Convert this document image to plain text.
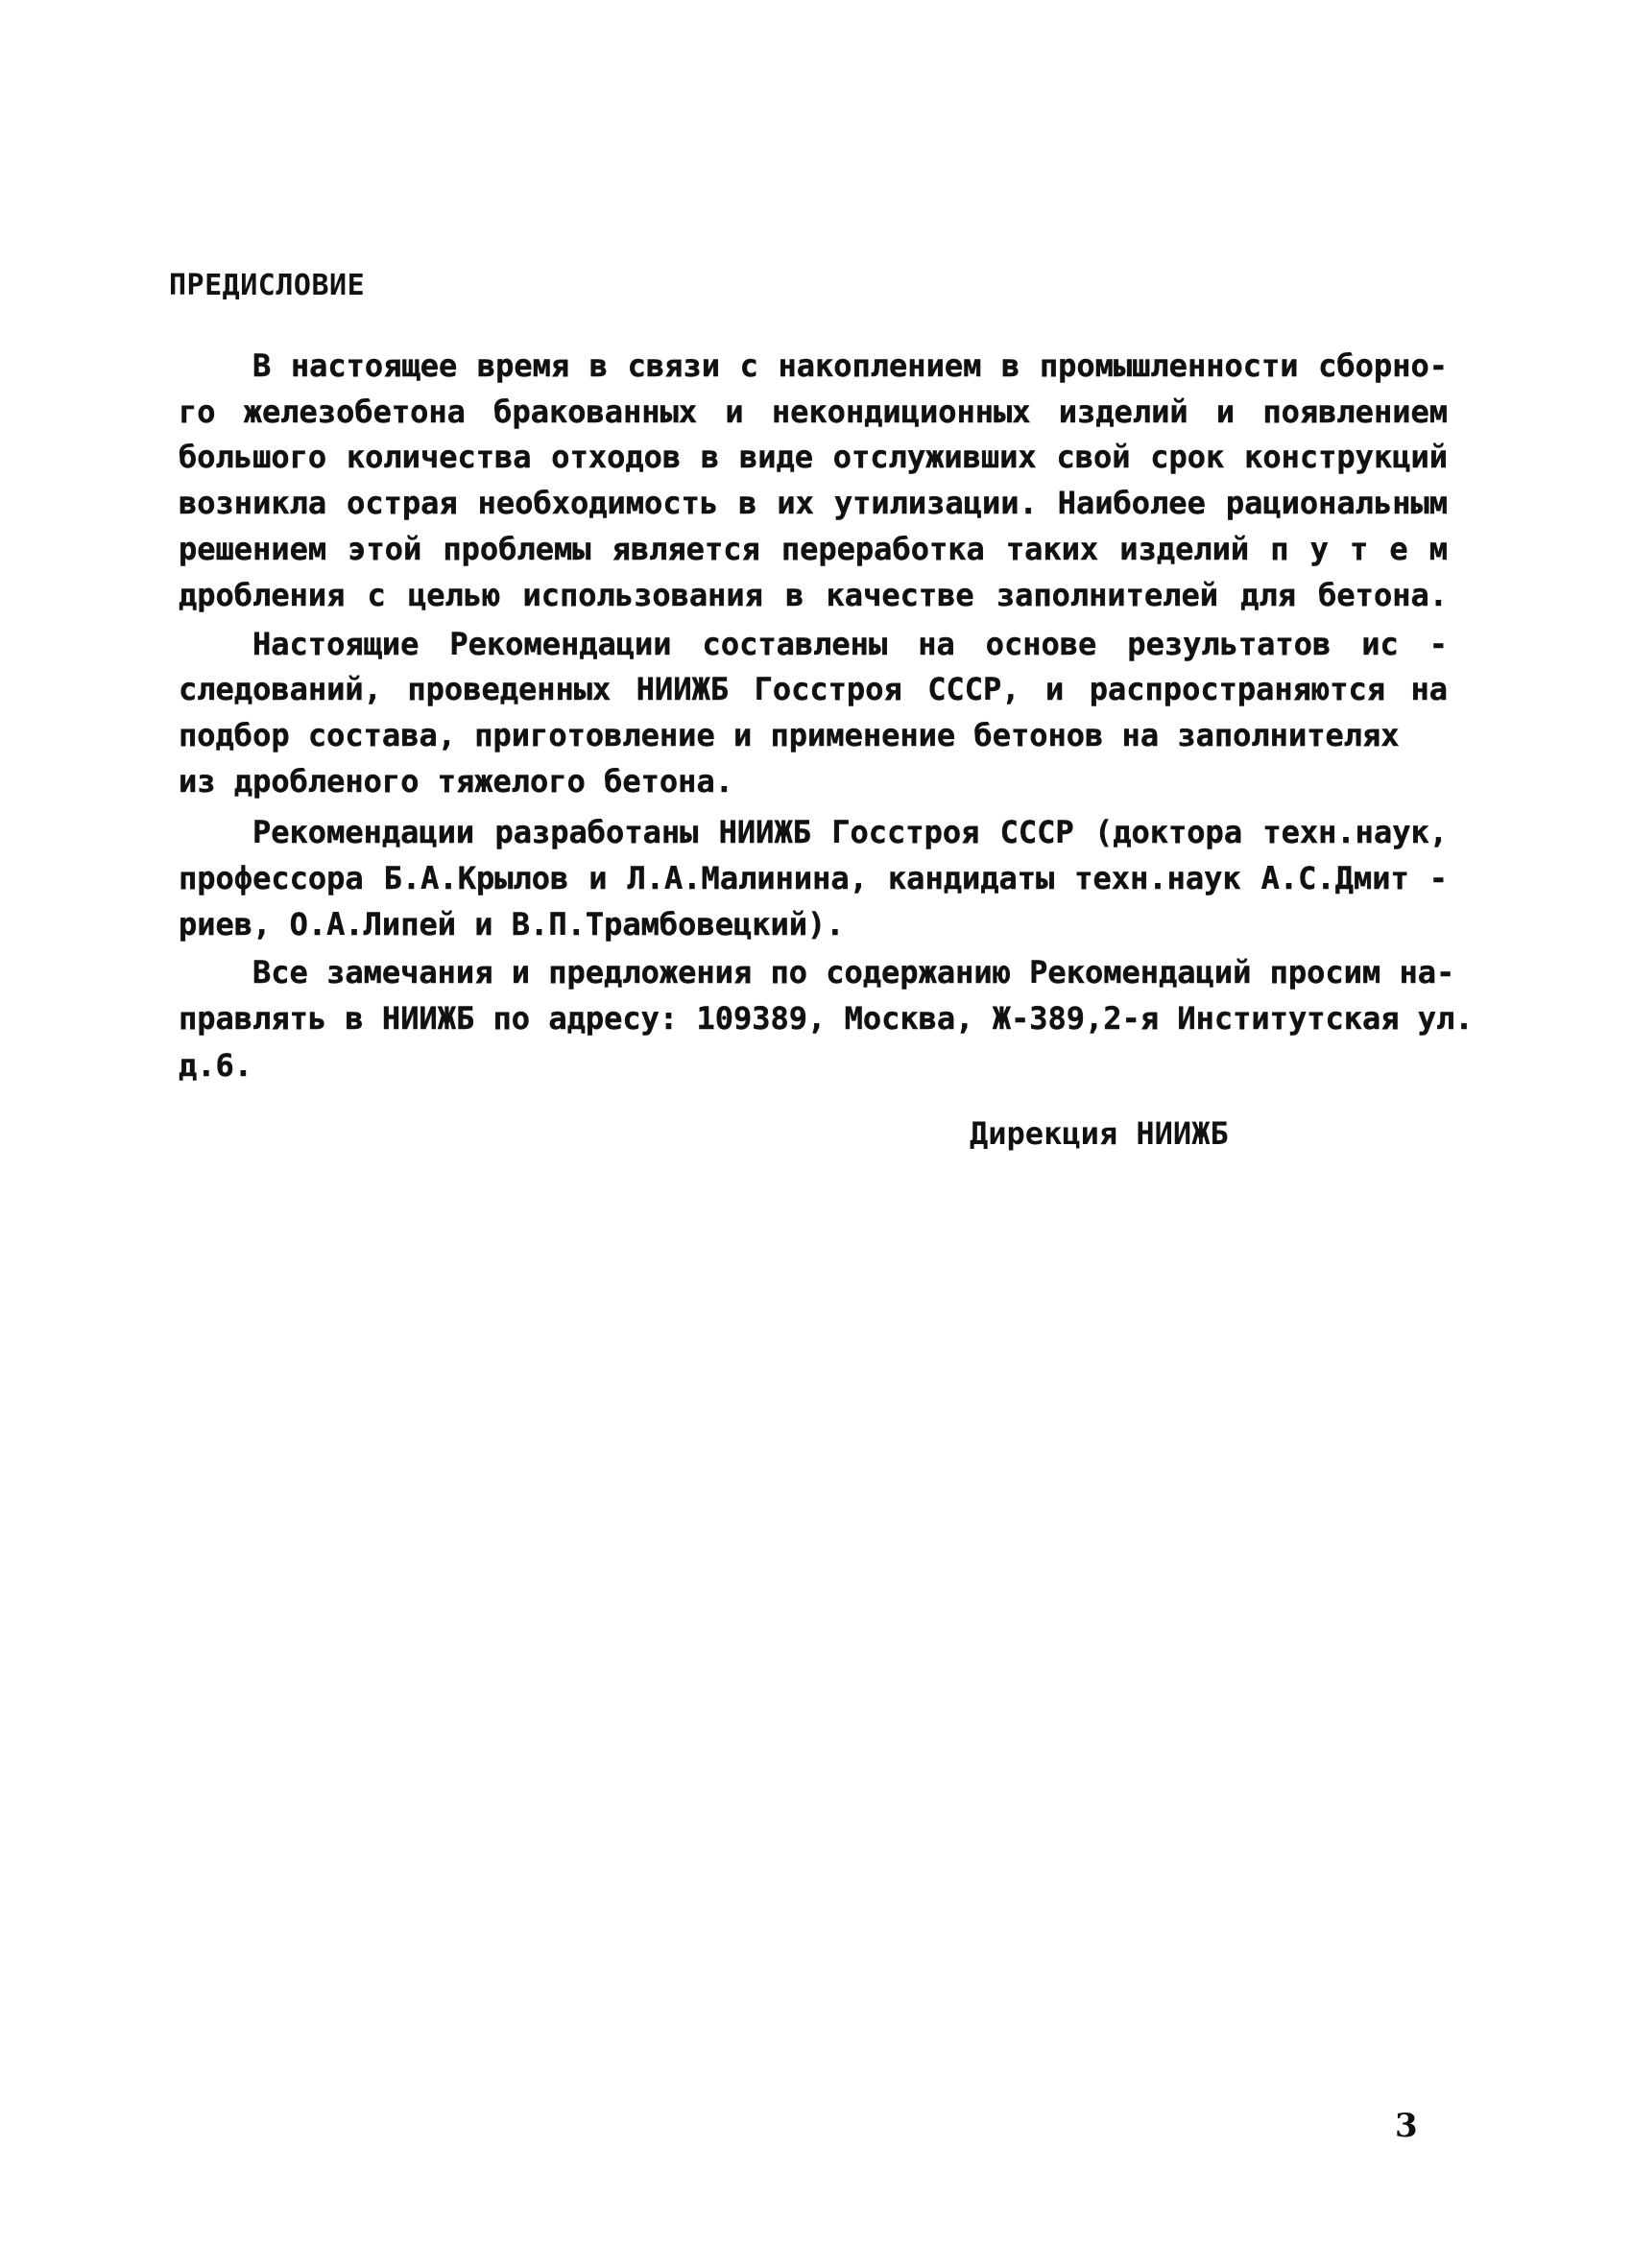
ПРЕДИСЛОВИЕ
В настоящее время в связи с накоплением в промышленности сборно-
го железобетона бракованных и некондиционных изделий и появлением
большого количества отходов в виде отслуживших свой срок конструкций
возникла острая необходимость в их утилизации. Наиболее рациональным
решением этой проблемы является переработка таких изделий п у т е м
дробления с целью использования в качестве заполнителей для бетона.
Настоящие Рекомендации составлены на основе результатов ис -
следований, проведенных НИИЖБ Госстроя СССР, и распространяются на
подбор состава, приготовление и применение бетонов на заполнителях
из дробленого тяжелого бетона.
Рекомендации разработаны НИИЖБ Госстроя СССР (доктора техн.наук,
профессора Б.А.Крылов и Л.А.Малинина, кандидаты техн.наук А.С.Дмит -
риев, О.А.Липей и В.П.Трамбовецкий).
Все замечания и предложения по содержанию Рекомендаций просим на-
правлять в НИИЖБ по адресу: 109389, Москва, Ж-389,2-я Институтская ул.
д.6.
Дирекция НИИЖБ
3
